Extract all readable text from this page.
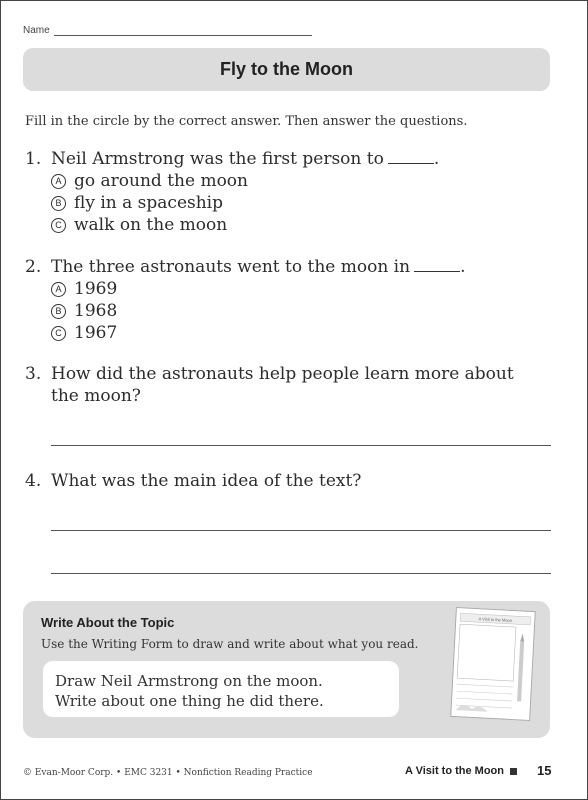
Name
Fly to the Moon
Fill in the circle by the correct answer. Then answer the questions.
1. Neil Armstrong was the first person to	.
A go around the moon
B fly in a spaceship
C walk on the moon
2. The three astronauts went to the moon in	.
A 1969
B 1968
C 1967
3. How did the astronauts help people learn more about
the moon?
4. What was the main idea of the text?
Write About the Topic
Use the Writing Form to draw and write about what you read.
Draw Neil Armstrong on the moon.
Write about one thing he did there.
A Visit to the Moon
© Evan-Moor Corp. • EMC 3231 • Nonfiction Reading Practice	A Visit to the Moon	15
